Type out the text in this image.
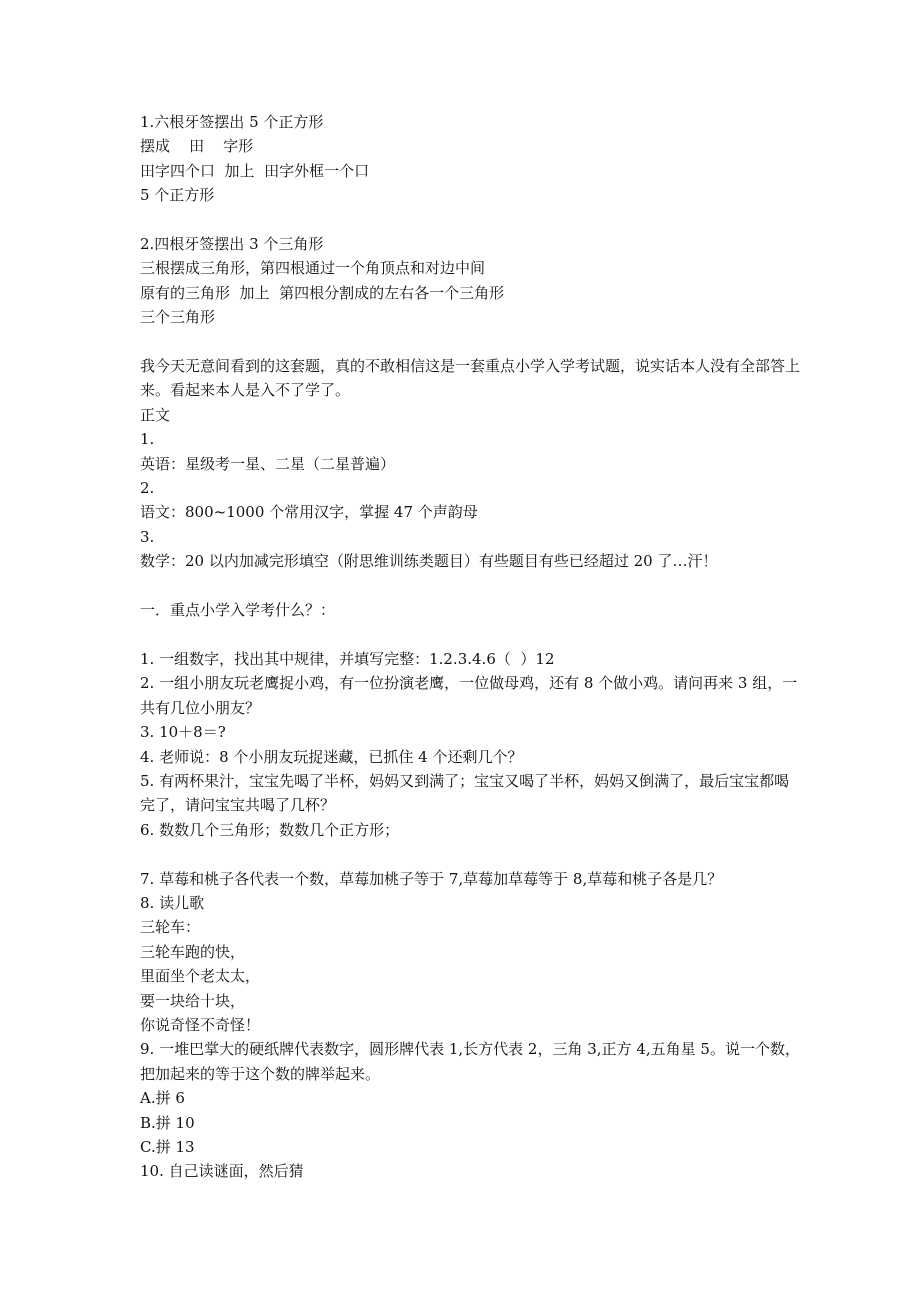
1.六根牙签摆出 5 个正方形
摆成    田    字形
田字四个口  加上  田字外框一个口
5 个正方形
2.四根牙签摆出 3 个三角形
三根摆成三角形，第四根通过一个角顶点和对边中间
原有的三角形  加上  第四根分割成的左右各一个三角形
三个三角形
我今天无意间看到的这套题，真的不敢相信这是一套重点小学入学考试题，说实话本人没有全部答上来。看起来本人是入不了学了。
正文
1.
英语：星级考一星、二星（二星普遍）
2.
语文：800~1000 个常用汉字，掌握 47 个声韵母
3.
数学：20 以内加减完形填空（附思维训练类题目）有些题目有些已经超过 20 了…汗！
一．重点小学入学考什么？：
1. 一组数字，找出其中规律，并填写完整：1.2.3.4.6（  ）12
2. 一组小朋友玩老鹰捉小鸡，有一位扮演老鹰，一位做母鸡，还有 8 个做小鸡。请问再来 3 组，一共有几位小朋友？
3. 10＋8＝?
4. 老师说：8 个小朋友玩捉迷藏，已抓住 4 个还剩几个？
5. 有两杯果汁，宝宝先喝了半杯，妈妈又到满了；宝宝又喝了半杯，妈妈又倒满了，最后宝宝都喝完了，请问宝宝共喝了几杯？
6. 数数几个三角形；数数几个正方形；
7. 草莓和桃子各代表一个数，草莓加桃子等于 7,草莓加草莓等于 8,草莓和桃子各是几？
8. 读儿歌
三轮车：
三轮车跑的快，
里面坐个老太太，
要一块给十块，
你说奇怪不奇怪！
9. 一堆巴掌大的硬纸牌代表数字，圆形牌代表 1,长方代表 2，三角 3,正方 4,五角星 5。说一个数，把加起来的等于这个数的牌举起来。
A.拼 6
B.拼 10
C.拼 13
10. 自己读谜面，然后猜
